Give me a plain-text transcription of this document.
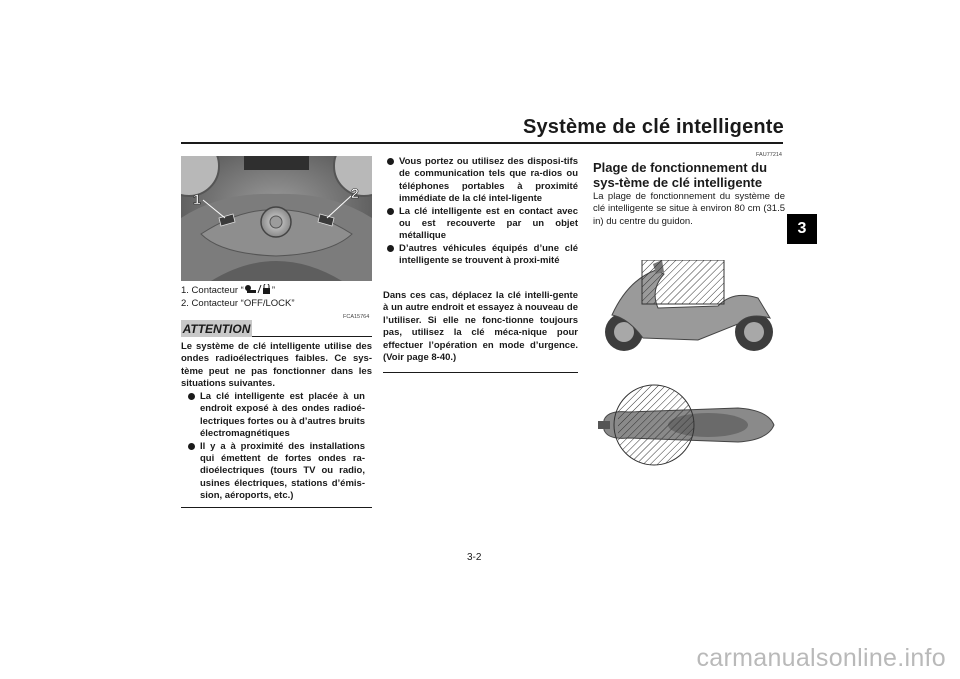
Système de clé intelligente
3
1	2
1. Contacteur “	”
2. Contacteur “OFF/LOCK”
ATTENTION
FCA15764
Le système de clé intelligente utilise des ondes radioélectriques faibles. Ce sys-tème peut ne pas fonctionner dans les situations suivantes.
La clé intelligente est placée à un endroit exposé à des ondes radioé-lectriques fortes ou à d’autres bruits électromagnétiques
Il y a à proximité des installations qui émettent de fortes ondes ra-dioélectriques (tours TV ou radio, usines électriques, stations d’émis-sion, aéroports, etc.)
Vous portez ou utilisez des disposi-tifs de communication tels que ra-dios ou téléphones portables à proximité immédiate de la clé intel-ligente
La clé intelligente est en contact avec ou est recouverte par un objet métallique
D’autres véhicules équipés d’une clé intelligente se trouvent à proxi-mité
Dans ces cas, déplacez la clé intelli-gente à un autre endroit et essayez à nouveau de l’utiliser. Si elle ne fonc-tionne toujours pas, utilisez la clé méca-nique pour effectuer l’opération en mode d’urgence. (Voir page 8-40.)
FAU77214
Plage de fonctionnement du sys-tème de clé intelligente
La plage de fonctionnement du système de clé intelligente se situe à environ 80 cm (31.5 in) du centre du guidon.
3-2
carmanualsonline.info
